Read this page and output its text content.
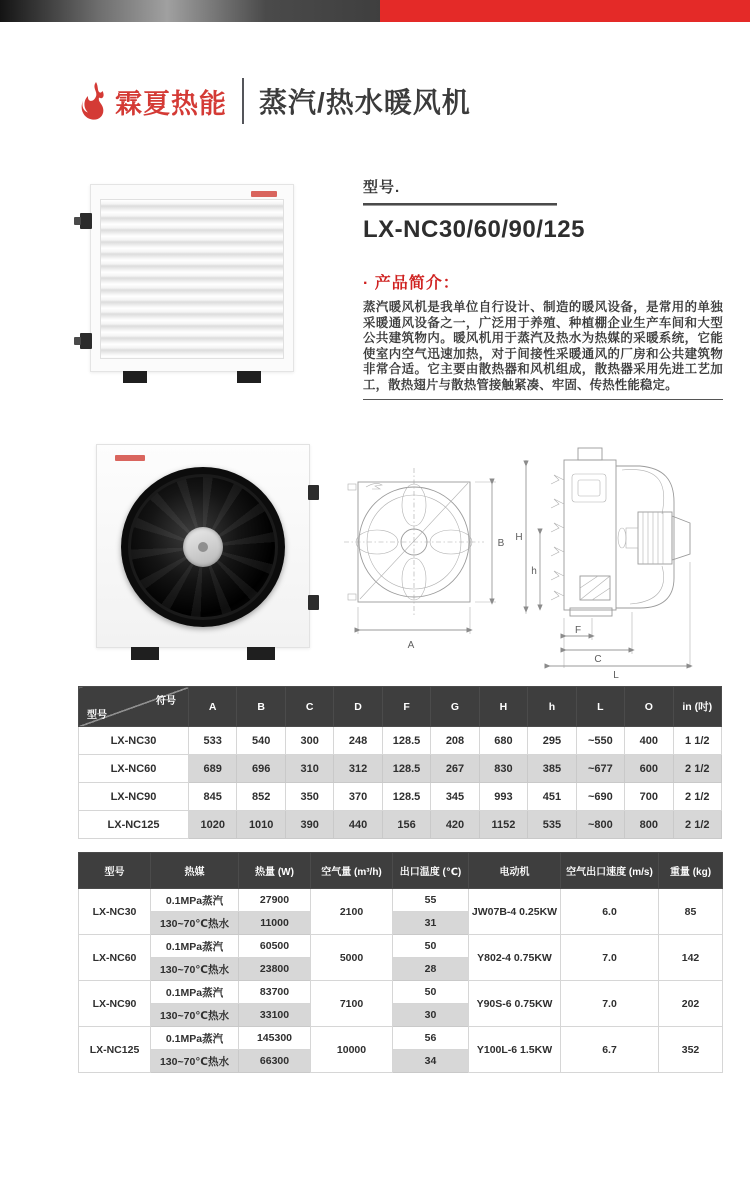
霖夏热能 蒸汽/热水暖风机
型号.
LX-NC30/60/90/125
· 产品简介：

蒸汽暖风机是我单位自行设计、制造的暖风设备，是常用的单独采暖通风设备之一，广泛用于养殖、种植棚企业生产车间和大型公共建筑物内。暖风机用于蒸汽及热水为热媒的采暖系统，它能使室内空气迅速加热，对于间接性采暖通风的厂房和公共建筑物非常合适。它主要由散热器和风机组成，散热器采用先进工艺加工，散热翅片与散热管接触紧凑、牢固、传热性能稳定。

A
B
H
h
F
C
L
符号
型号	A	B	C	D	F	G	H	h	L	O	in (吋)
LX-NC30	533	540	300	248	128.5	208	680	295	~550	400	1 1/2
LX-NC60	689	696	310	312	128.5	267	830	385	~677	600	2 1/2
LX-NC90	845	852	350	370	128.5	345	993	451	~690	700	2 1/2
LX-NC125	1020	1010	390	440	156	420	1152	535	~800	800	2 1/2
型号	热媒	热量 (W)	空气量 (m³/h)	出口温度 (℃)	电动机	空气出口速度 (m/s)	重量 (kg)
LX-NC30	0.1MPa蒸汽	27900	2100	55	JW07B-4 0.25KW	6.0	85
	130~70℃热水	11000		31			
LX-NC60	0.1MPa蒸汽	60500	5000	50	Y802-4 0.75KW	7.0	142
	130~70℃热水	23800		28			
LX-NC90	0.1MPa蒸汽	83700	7100	50	Y90S-6 0.75KW	7.0	202
	130~70℃热水	33100		30			
LX-NC125	0.1MPa蒸汽	145300	10000	56	Y100L-6 1.5KW	6.7	352
	130~70℃热水	66300		34			
